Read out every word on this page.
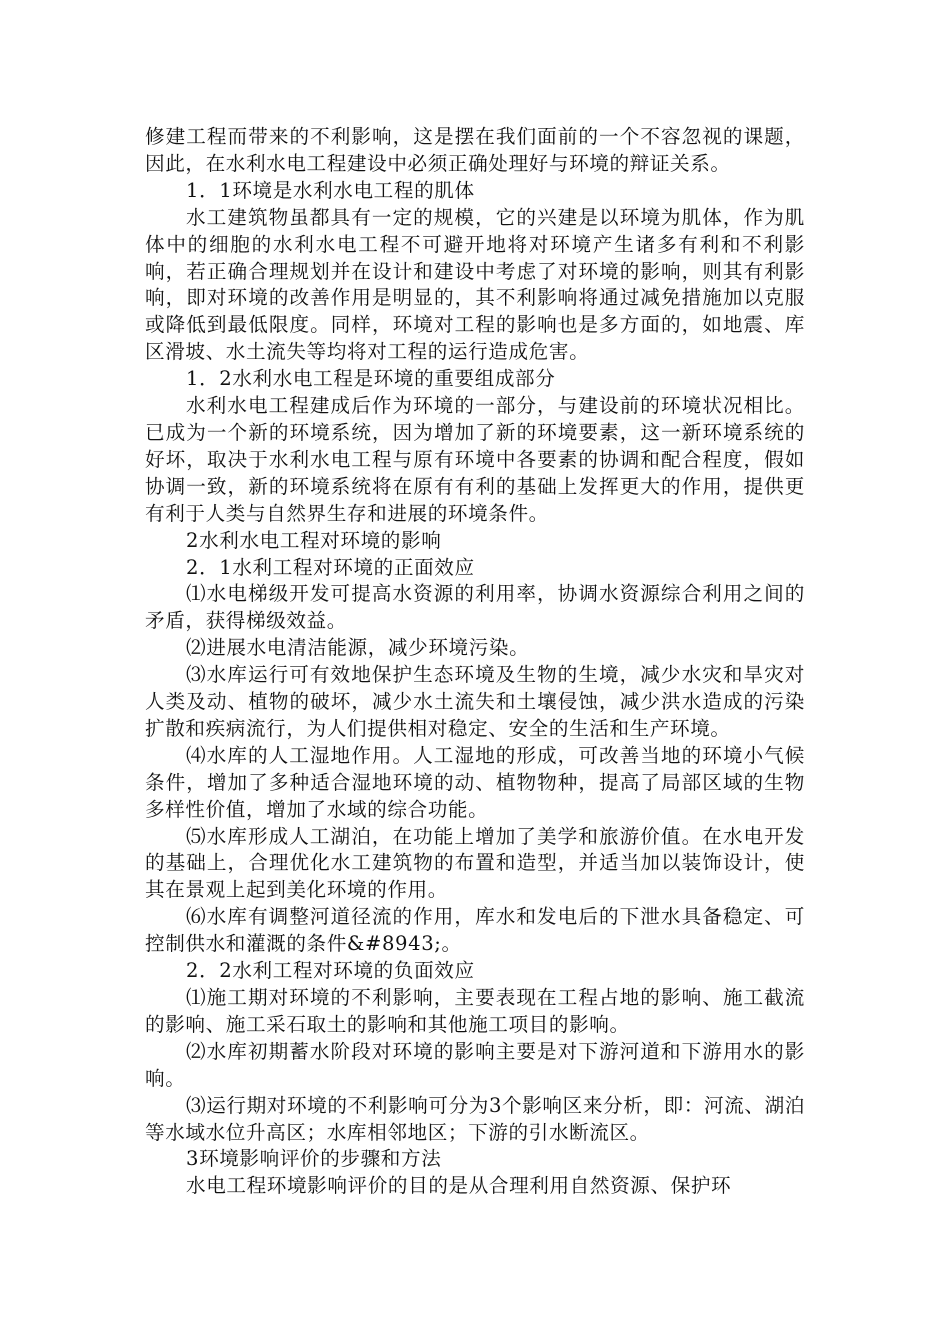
修建工程而带来的不利影响，这是摆在我们面前的一个不容忽视的课题，因此，在水利水电工程建设中必须正确处理好与环境的辩证关系。

1．1环境是水利水电工程的肌体

水工建筑物虽都具有一定的规模，它的兴建是以环境为肌体，作为肌体中的细胞的水利水电工程不可避开地将对环境产生诸多有利和不利影响，若正确合理规划并在设计和建设中考虑了对环境的影响，则其有利影响，即对环境的改善作用是明显的，其不利影响将通过减免措施加以克服或降低到最低限度。同样，环境对工程的影响也是多方面的，如地震、库区滑坡、水土流失等均将对工程的运行造成危害。

1．2水利水电工程是环境的重要组成部分

水利水电工程建成后作为环境的一部分，与建设前的环境状况相比。已成为一个新的环境系统，因为增加了新的环境要素，这一新环境系统的好坏，取决于水利水电工程与原有环境中各要素的协调和配合程度，假如协调一致，新的环境系统将在原有有利的基础上发挥更大的作用，提供更有利于人类与自然界生存和进展的环境条件。

2水利水电工程对环境的影响

2．1水利工程对环境的正面效应

⑴水电梯级开发可提高水资源的利用率，协调水资源综合利用之间的矛盾，获得梯级效益。

⑵进展水电清洁能源，减少环境污染。

⑶水库运行可有效地保护生态环境及生物的生境，减少水灾和旱灾对人类及动、植物的破坏，减少水土流失和土壤侵蚀，减少洪水造成的污染扩散和疾病流行，为人们提供相对稳定、安全的生活和生产环境。

⑷水库的人工湿地作用。人工湿地的形成，可改善当地的环境小气候条件，增加了多种适合湿地环境的动、植物物种，提高了局部区域的生物多样性价值，增加了水域的综合功能。

⑸水库形成人工湖泊，在功能上增加了美学和旅游价值。在水电开发的基础上，合理优化水工建筑物的布置和造型，并适当加以装饰设计，使其在景观上起到美化环境的作用。

⑹水库有调整河道径流的作用，库水和发电后的下泄水具备稳定、可控制供水和灌溉的条件&#8943;。

2．2水利工程对环境的负面效应

⑴施工期对环境的不利影响，主要表现在工程占地的影响、施工截流的影响、施工采石取土的影响和其他施工项目的影响。

⑵水库初期蓄水阶段对环境的影响主要是对下游河道和下游用水的影响。

⑶运行期对环境的不利影响可分为3个影响区来分析，即：河流、湖泊等水域水位升高区；水库相邻地区；下游的引水断流区。

3环境影响评价的步骤和方法

水电工程环境影响评价的目的是从合理利用自然资源、保护环
